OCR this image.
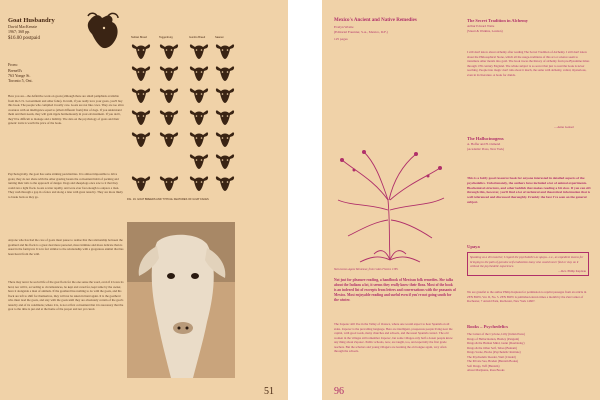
Goat Husbandry

David MacKenzie

1967; 368 pp.

$16.00 postpaid

From:

Brenell's

763 Yonge St.

Toronto 5, Ont.

Here you are—the definitive work on goats (although there are small pamphlets available from the U.S. Government and other folks). In truth, if you really love your goats, you'll buy this book. The people who compiled it really care. Goats are not like cows. They are too alive creatures with an intelligence equal to (albeit different from) that of dogs. If you understand them and their needs, they will gain ripple harmoniously in your environment. If you don't, they'll be difficult to manage and a liability. The data on the psychology of goats and their genetic traits is worth the price of the book.
Psychologically, the goat has some striking peculiarities. It is almost impossible to drive goats; they do not share with the other grazing beasts the convenient habit of packing and turning their tails to the approach of danger. Dogs and sheepdogs once saw to it that they could run a tight flock. Goats scatter rapidly, and were ever fast enough to outpace a man. They rush through a gap in a fence and along a lane with great tenacity. They are more likely to break back as they go.
Anyone who has had the care of goats must pause to realise that the relationship between the goatherd and his flock is a great deal more personal, more intimate and more delicate than is usual in the farmyard. It is in fact similar to the relationship with a gregarious animal that has been heard from the wild.
There may never be social life of the goat flock for the one sense the word, even if it loves its herd, nor will it, according to circumstances, be kept and cared for, kept tame by the owner, have it alongside a man of animals. If the goatherd has nothing to do with the goats, and his flock are left to shift for themselves, they will not be taken in hand again. It is the goatherd who must lead the goats, and stay with the goats until they are absolutely certain of the goat's tenacity and of its conditions; where it is, is not at first convenient that it is necessary that the goat to the time is put and at the home of the proper and not yet cured.
Nubian Breed	Toggenburg	Gumbo Breed	Saanen
FIG. 19. GOAT BREEDS AND TYPICAL FEATURES OF GOAT FACES

51

Mexico's Ancient and Native Remedies

Evelyn Wraite

(Editorial Fournier, S.A., Mexico, D.F.)

125 pages

Stem-leaves-Agave Mexicana; from Codex Florent. 1585.

Not just for pleasure reading, a handbook of Mexican folk remedies. She talks about the Indians a lot, it seems they really knew their flora. Most of the book is an indexed list of excerpts from letters and conversations with the peasants of Mexico. Most enjoyable reading and useful even if you're not going south for the winter.
The Zapotec still live in the Valley of Oaxaca, where one would expect to hear Spanish on all sides. Zapotec is the prevailing language. Here are intelligent, prosperous people living near the capital, with good roads, many churches and schools, and the usual Spanish contact. The old women in the villages still remember Zapotec, but some villages only half a dozen people know any thing about Zapotec. Public schools, now, are taught, too, and especially the first grade teachers. But the scholars and young villagers are learning the old tongue again, very often through the schools.

96

The Secret Tradition in Alchemy

Arthur Edward Waite

(Stuart & Watkins, London)

I still don't know about alchemy after reading The Secret Tradition of Alchemy. I still don't know about the Philosophical Stone, which all the usage-traditions of this art or science seem to transmute other metals into gold. The book traces the history of alchemy from pre-Byzantine times through 17th century England. The whole subject is so secret that just to read the book is never reaching. People into magic don't talk about it much, the same with alchemy, veiled, mysterious, even in its literature. A book for druids.

—Anne Gensel

The Hallucinogens

A. Hoffer and H. Osmond

(Academic Press, New York)

This is a fairly good resource book for anyone interested in detailed aspects of the psychedelics. Unfortunately, the authors have included a lot of animal experiments. Biochemical structure, and other laddish that makes reading a bit slow. If you can sift through this, however, you'll find a lot of technical and theoretical information that is well referenced and discussed thoroughly. Frankly the best I've seen on the general subject.

Upaya

Speaking as a Zen teacher, I regard the psychedelics as upaya—i.e., as expedient means for bringing to the path of genuine self-realization many who would never find or stay on it without the psychedelic experience.
—Rev. Philip Kapleau
We are grateful to the author Philip Kapleau for permission to reprint passages from an article in ZEN BOW, Vol. II, No. 5. ZEN BOW is published eleven times a month by the Zen Center of Rochester, 7 Arnold Park, Rochester, New York 14607.

Books – Psychedelics

The Center of the Cyclone, Lilly (Julian Press)
Drugs of Hallucination, Huxley (Penguin)
Drugs & the Human Mind, Gunn (Doubleday)
Drugs & the Other Self, Tebes (Bantam)
Drugs Scene, Hocks (Psychedelic Institute)
The Psychedelic Reader, Weil (Citadel)
The Private Sea, Braden (Bantam Books)
Soft Drugs, Taff (Bantam)
About Marijuana, Ross Books
